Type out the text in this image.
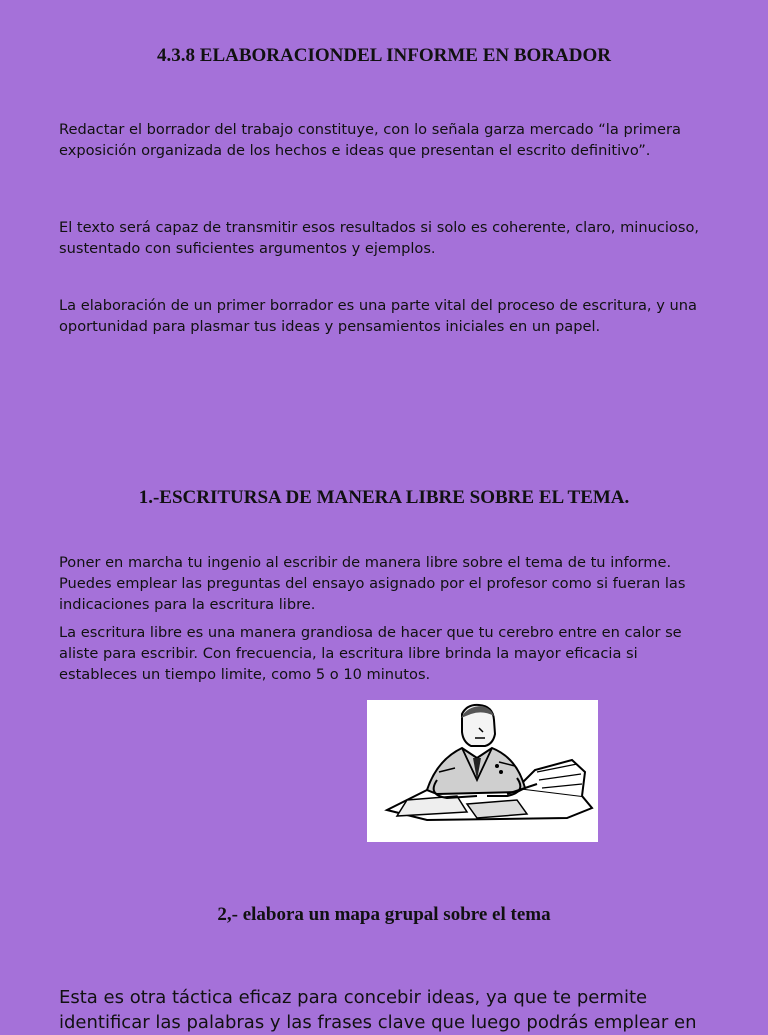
4.3.8 ELABORACIONDEL INFORME EN BORADOR

Redactar el borrador del trabajo constituye, con lo señala garza mercado “la primera exposición organizada de los hechos e ideas que presentan el escrito definitivo”.

El texto será capaz de transmitir esos resultados si solo es coherente, claro, minucioso, sustentado con suficientes argumentos y ejemplos.

La elaboración de un primer borrador es una parte vital del proceso de escritura, y una oportunidad para plasmar tus ideas y pensamientos iniciales en un papel.

1.-ESCRITURSA DE MANERA LIBRE SOBRE EL TEMA.

Poner en marcha tu ingenio al escribir de manera libre sobre el tema de tu informe. Puedes emplear las preguntas del ensayo asignado por el profesor como si fueran las indicaciones para la escritura libre.

La escritura libre es una manera grandiosa de hacer que tu cerebro entre en calor se aliste para escribir. Con frecuencia, la escritura libre brinda la mayor eficacia si estableces un tiempo limite, como 5 o 10 minutos.

2,- elabora un mapa grupal sobre el tema

Esta es otra táctica eficaz para concebir ideas, ya que te permite identificar las palabras y las frases clave que luego podrás emplear en
